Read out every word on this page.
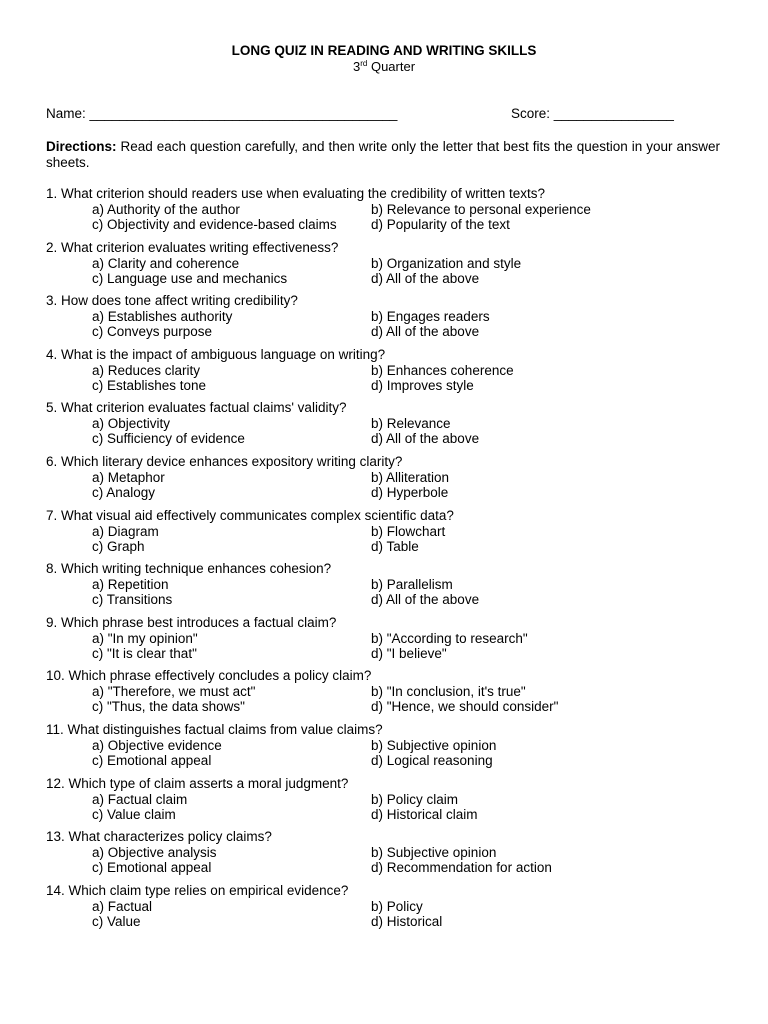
LONG QUIZ IN READING AND WRITING SKILLS
3rd Quarter
Name: _________________________________________	Score: ________________
Directions: Read each question carefully, and then write only the letter that best fits the question in your answer sheets.
1. What criterion should readers use when evaluating the credibility of written texts?
a) Authority of the author	b) Relevance to personal experience
c) Objectivity and evidence-based claims	d) Popularity of the text
2. What criterion evaluates writing effectiveness?
a) Clarity and coherence	b) Organization and style
c) Language use and mechanics	d) All of the above
3. How does tone affect writing credibility?
a) Establishes authority	b) Engages readers
c) Conveys purpose	d) All of the above
4. What is the impact of ambiguous language on writing?
a) Reduces clarity	b) Enhances coherence
c) Establishes tone	d) Improves style
5. What criterion evaluates factual claims' validity?
a) Objectivity	b) Relevance
c) Sufficiency of evidence	d) All of the above
6. Which literary device enhances expository writing clarity?
a) Metaphor	b) Alliteration
c) Analogy	d) Hyperbole
7. What visual aid effectively communicates complex scientific data?
a) Diagram	b) Flowchart
c) Graph	d) Table
8. Which writing technique enhances cohesion?
a) Repetition	b) Parallelism
c) Transitions	d) All of the above
9. Which phrase best introduces a factual claim?
a) "In my opinion"	b) "According to research"
c) "It is clear that"	d) "I believe"
10. Which phrase effectively concludes a policy claim?
a) "Therefore, we must act"	b) "In conclusion, it's true"
c) "Thus, the data shows"	d) "Hence, we should consider"
11. What distinguishes factual claims from value claims?
a) Objective evidence	b) Subjective opinion
c) Emotional appeal	d) Logical reasoning
12. Which type of claim asserts a moral judgment?
a) Factual claim	b) Policy claim
c) Value claim	d) Historical claim
13. What characterizes policy claims?
a) Objective analysis	b) Subjective opinion
c) Emotional appeal	d) Recommendation for action
14. Which claim type relies on empirical evidence?
a) Factual	b) Policy
c) Value	d) Historical
